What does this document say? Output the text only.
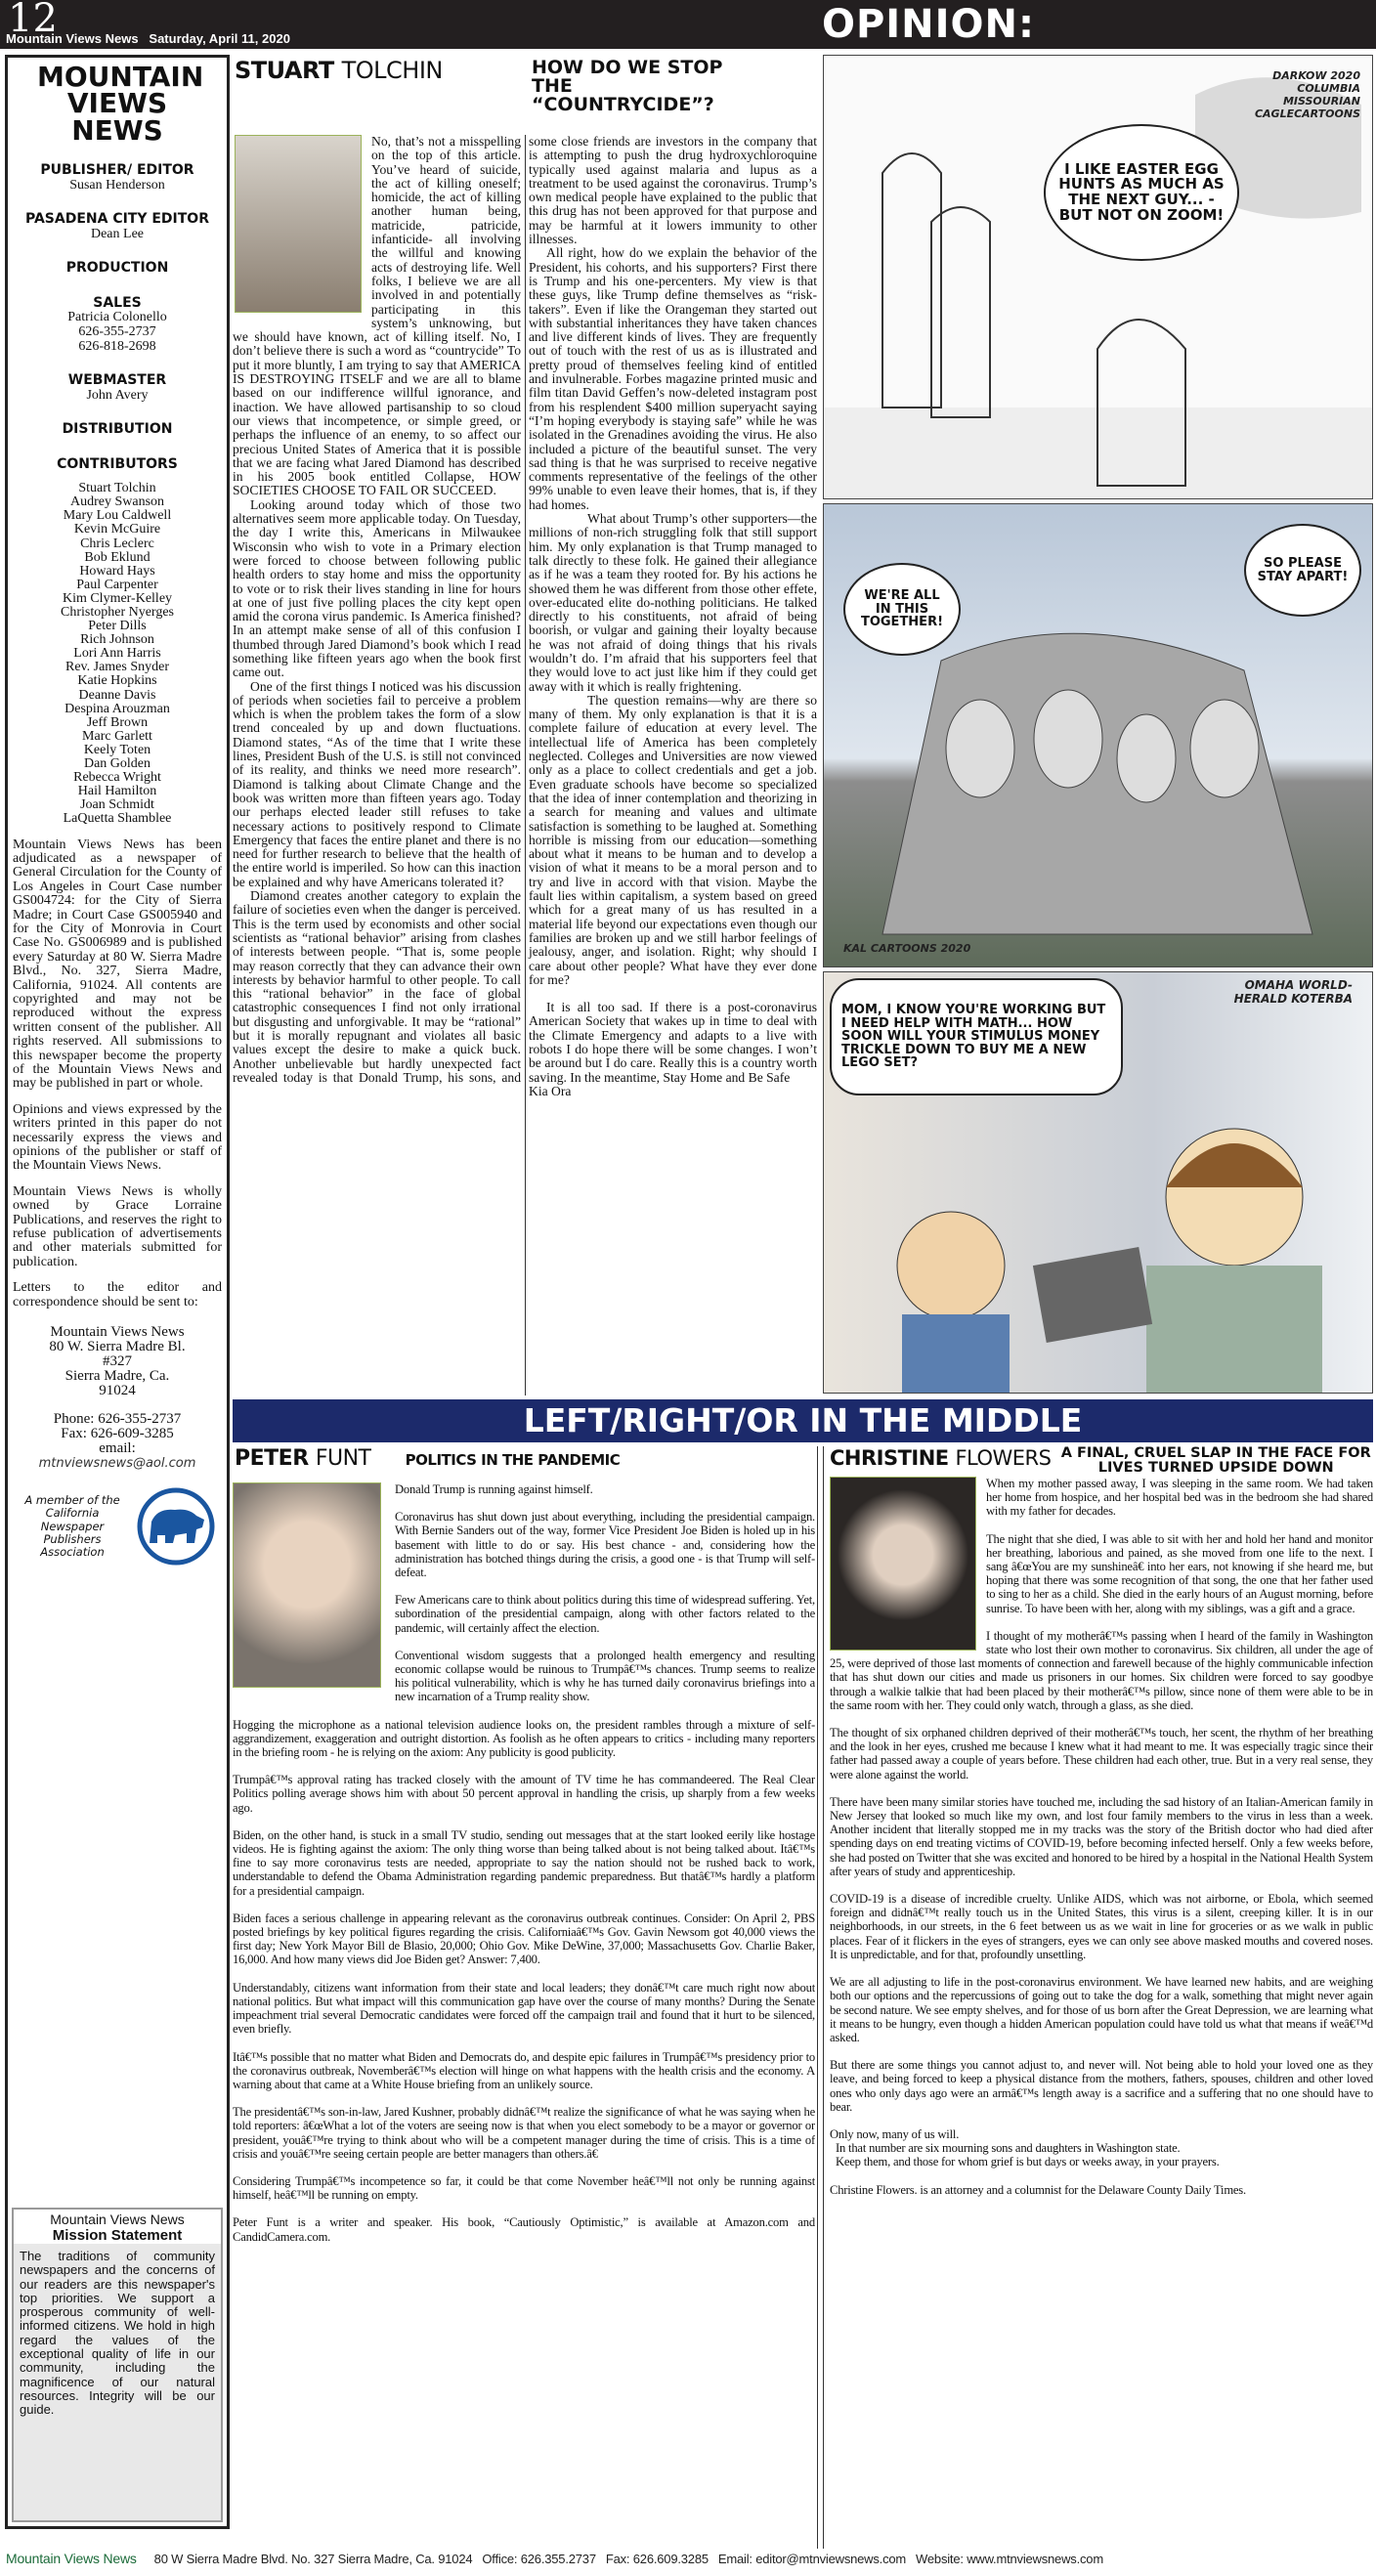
12
Mountain Views News   Saturday, April 11, 2020	OPINION:
MOUNTAIN VIEWS NEWS
PUBLISHER/ EDITOR
Susan Henderson
PASADENA CITY EDITOR
Dean Lee
PRODUCTION
SALES
Patricia Colonello
626-355-2737
626-818-2698
WEBMASTER
John Avery
DISTRIBUTION
CONTRIBUTORS
Stuart Tolchin
Audrey Swanson
Mary Lou Caldwell
Kevin McGuire
Chris Leclerc
Bob Eklund
Howard Hays
Paul Carpenter
Kim Clymer-Kelley
Christopher Nyerges
Peter Dills
Rich Johnson
Lori Ann Harris
Rev. James Snyder
Katie Hopkins
Deanne Davis
Despina Arouzman
Jeff Brown
Marc Garlett
Keely Toten
Dan Golden
Rebecca Wright
Hail Hamilton
Joan Schmidt
LaQuetta Shamblee

Mountain Views News has been adjudicated as a newspaper of General Circulation for the County of Los Angeles in Court Case number GS004724: for the City of Sierra Madre; in Court Case GS005940 and for the City of Monrovia in Court Case No. GS006989 and is published every Saturday at 80 W. Sierra Madre Blvd., No. 327, Sierra Madre, California, 91024. All contents are copyrighted and may not be reproduced without the express written consent of the publisher. All rights reserved. All submissions to this newspaper become the property of the Mountain Views News and may be published in part or whole.

Opinions and views expressed by the writers printed in this paper do not necessarily express the views and opinions of the publisher or staff of the Mountain Views News.

Mountain Views News is wholly owned by Grace Lorraine Publications, and reserves the right to refuse publication of advertisements and other materials submitted for publication.

Letters to the editor and correspondence should be sent to:

Mountain Views News
80 W. Sierra Madre Bl.
#327
Sierra Madre, Ca.
91024
Phone: 626-355-2737
Fax: 626-609-3285
email:
mtnviewsnews@aol.com
A member of the California Newspaper Publishers Association
Mountain Views News
Mission Statement
The traditions of community newspapers and the concerns of our readers are this newspaper's top priorities. We support a prosperous community of well-informed citizens. We hold in high regard the values of the exceptional quality of life in our community, including the magnificence of our natural resources. Integrity will be our guide.
STUART TOLCHIN	HOW DO WE STOP THE “COUNTRYCIDE”?

No, that’s not a misspelling on the top of this article. You’ve heard of suicide, the act of killing oneself; homicide, the act of killing another human being, matricide, patricide, infanticide- all involving the willful and knowing acts of destroying life. Well folks, I believe we are all involved in and potentially participating in this system’s unknowing, but we should have known, act of killing itself. No, I don’t believe there is such a word as “countrycide” To put it more bluntly, I am trying to say that AMERICA IS DESTROYING ITSELF and we are all to blame based on our indifference willful ignorance, and inaction. We have allowed partisanship to so cloud our views that incompetence, or simple greed, or perhaps the influence of an enemy, to so affect our precious United States of America that it is possible that we are facing what Jared Diamond has described in his 2005 book entitled Collapse, HOW SOCIETIES CHOOSE TO FAIL OR SUCCEED.

Looking around today which of those two alternatives seem more applicable today. On Tuesday, the day I write this, Americans in Milwaukee Wisconsin who wish to vote in a Primary election were forced to choose between following public health orders to stay home and miss the opportunity to vote or to risk their lives standing in line for hours at one of just five polling places the city kept open amid the corona virus pandemic. Is America finished? In an attempt make sense of all of this confusion I thumbed through Jared Diamond’s book which I read something like fifteen years ago when the book first came out.

One of the first things I noticed was his discussion of periods when societies fail to perceive a problem which is when the problem takes the form of a slow trend concealed by up and down fluctuations. Diamond states, “As of the time that I write these lines, President Bush of the U.S. is still not convinced of its reality, and thinks we need more research”. Diamond is talking about Climate Change and the book was written more than fifteen years ago. Today our perhaps elected leader still refuses to take necessary actions to positively respond to Climate Emergency that faces the entire planet and there is no need for further research to believe that the health of the entire world is imperiled. So how can this inaction be explained and why have Americans tolerated it?

Diamond creates another category to explain the failure of societies even when the danger is perceived. This is the term used by economists and other social scientists as “rational behavior” arising from clashes of interests between people. “That is, some people may reason correctly that they can advance their own interests by behavior harmful to other people. To call this “rational behavior” in the face of global catastrophic consequences I find not only irrational but disgusting and unforgivable. It may be “rational” but it is morally repugnant and violates all basic values except the desire to make a quick buck. Another unbelievable but hardly unexpected fact revealed today is that Donald Trump, his sons, and some close friends are investors in the company that is attempting to push the drug hydroxychloroquine typically used against malaria and lupus as a treatment to be used against the coronavirus. Trump’s own medical people have explained to the public that this drug has not been approved for that purpose and may be harmful at it lowers immunity to other illnesses.

All right, how do we explain the behavior of the President, his cohorts, and his supporters? First there is Trump and his one-percenters. My view is that these guys, like Trump define themselves as “risk-takers”. Even if like the Orangeman they started out with substantial inheritances they have taken chances and live different kinds of lives. They are frequently out of touch with the rest of us as is illustrated and pretty proud of themselves feeling kind of entitled and invulnerable. Forbes magazine printed music and film titan David Geffen’s now-deleted instagram post from his resplendent $400 million superyacht saying “I’m hoping everybody is staying safe” while he was isolated in the Grenadines avoiding the virus. He also included a picture of the beautiful sunset. The very sad thing is that he was surprised to receive negative comments representative of the feelings of the other 99% unable to even leave their homes, that is, if they had homes.

What about Trump’s other supporters—the millions of non-rich struggling folk that still support him. My only explanation is that Trump managed to talk directly to these folk. He gained their allegiance as if he was a team they rooted for. By his actions he showed them he was different from those other effete, over-educated elite do-nothing politicians. He talked directly to his constituents, not afraid of being boorish, or vulgar and gaining their loyalty because he was not afraid of doing things that his rivals wouldn’t do. I’m afraid that his supporters feel that they would love to act just like him if they could get away with it which is really frightening.

The question remains—why are there so many of them. My only explanation is that it is a complete failure of education at every level. The intellectual life of America has been completely neglected. Colleges and Universities are now viewed only as a place to collect credentials and get a job. Even graduate schools have become so specialized that the idea of inner contemplation and theorizing in a search for meaning and values and ultimate satisfaction is something to be laughed at. Something horrible is missing from our education—something about what it means to be human and to develop a vision of what it means to be a moral person and to try and live in accord with that vision. Maybe the fault lies within capitalism, a system based on greed which for a great many of us has resulted in a material life beyond our expectations even though our families are broken up and we still harbor feelings of jealousy, anger, and isolation. Right; why should I care about other people? What have they ever done for me?

It is all too sad. If there is a post-coronavirus American Society that wakes up in time to deal with the Climate Emergency and adapts to a live with robots I do hope there will be some changes. I won’t be around but I do care. Really this is a country worth saving. In the meantime, Stay Home and Be Safe

Kia Ora

I LIKE EASTER EGG HUNTS AS MUCH AS THE NEXT GUY... -BUT NOT ON ZOOM!
DARKOW 2020 COLUMBIA MISSOURIAN CAGLECARTOONS
WE'RE ALL IN THIS TOGETHER!
SO PLEASE STAY APART!
KAL CARTOONS 2020
MOM, I KNOW YOU'RE WORKING BUT I NEED HELP WITH MATH... HOW SOON WILL YOUR STIMULUS MONEY TRICKLE DOWN TO BUY ME A NEW LEGO SET?
OMAHA WORLD-HERALD KOTERBA
LEFT/RIGHT/OR IN THE MIDDLE
PETER FUNT POLITICS IN THE PANDEMIC

Donald Trump is running against himself.

Coronavirus has shut down just about everything, including the presidential campaign. With Bernie Sanders out of the way, former Vice President Joe Biden is holed up in his basement with little to do or say. His best chance - and, considering how the administration has botched things during the crisis, a good one - is that Trump will self-defeat.

Few Americans care to think about politics during this time of widespread suffering. Yet, subordination of the presidential campaign, along with other factors related to the pandemic, will certainly affect the election.

Conventional wisdom suggests that a prolonged health emergency and resulting economic collapse would be ruinous to Trumpâ€™s chances. Trump seems to realize his political vulnerability, which is why he has turned daily coronavirus briefings into a new incarnation of a Trump reality show.

Hogging the microphone as a national television audience looks on, the president rambles through a mixture of self-aggrandizement, exaggeration and outright distortion. As foolish as he often appears to critics - including many reporters in the briefing room - he is relying on the axiom: Any publicity is good publicity.

Trumpâ€™s approval rating has tracked closely with the amount of TV time he has commandeered. The Real Clear Politics polling average shows him with about 50 percent approval in handling the crisis, up sharply from a few weeks ago.

Biden, on the other hand, is stuck in a small TV studio, sending out messages that at the start looked eerily like hostage videos. He is fighting against the axiom: The only thing worse than being talked about is not being talked about. Itâ€™s fine to say more coronavirus tests are needed, appropriate to say the nation should not be rushed back to work, understandable to defend the Obama Administration regarding pandemic preparedness. But thatâ€™s hardly a platform for a presidential campaign.

Biden faces a serious challenge in appearing relevant as the coronavirus outbreak continues. Consider: On April 2, PBS posted briefings by key political figures regarding the crisis. Californiaâ€™s Gov. Gavin Newsom got 40,000 views the first day; New York Mayor Bill de Blasio, 20,000; Ohio Gov. Mike DeWine, 37,000; Massachusetts Gov. Charlie Baker, 16,000. And how many views did Joe Biden get? Answer: 7,400.

Understandably, citizens want information from their state and local leaders; they donâ€™t care much right now about national politics. But what impact will this communication gap have over the course of many months? During the Senate impeachment trial several Democratic candidates were forced off the campaign trail and found that it hurt to be silenced, even briefly.

Itâ€™s possible that no matter what Biden and Democrats do, and despite epic failures in Trumpâ€™s presidency prior to the coronavirus outbreak, Novemberâ€™s election will hinge on what happens with the health crisis and the economy. A warning about that came at a White House briefing from an unlikely source.

The presidentâ€™s son-in-law, Jared Kushner, probably didnâ€™t realize the significance of what he was saying when he told reporters: â€œWhat a lot of the voters are seeing now is that when you elect somebody to be a mayor or governor or president, youâ€™re trying to think about who will be a competent manager during the time of crisis. This is a time of crisis and youâ€™re seeing certain people are better managers than others.â€

Considering Trumpâ€™s incompetence so far, it could be that come November heâ€™ll not only be running against himself, heâ€™ll be running on empty.

Peter Funt is a writer and speaker. His book, “Cautiously Optimistic,” is available at Amazon.com and CandidCamera.com.

CHRISTINE FLOWERS A FINAL, CRUEL SLAP IN THE FACE FOR LIVES TURNED UPSIDE DOWN

When my mother passed away, I was sleeping in the same room. We had taken her home from hospice, and her hospital bed was in the bedroom she had shared with my father for decades.

The night that she died, I was able to sit with her and hold her hand and monitor her breathing, laborious and pained, as she moved from one life to the next. I sang â€œYou are my sunshineâ€ into her ears, not knowing if she heard me, but hoping that there was some recognition of that song, the one that her father used to sing to her as a child. She died in the early hours of an August morning, before sunrise. To have been with her, along with my siblings, was a gift and a grace.

I thought of my motherâ€™s passing when I heard of the family in Washington state who lost their own mother to coronavirus. Six children, all under the age of 25, were deprived of those last moments of connection and farewell because of the highly communicable infection that has shut down our cities and made us prisoners in our homes. Six children were forced to say goodbye through a walkie talkie that had been placed by their motherâ€™s pillow, since none of them were able to be in the same room with her. They could only watch, through a glass, as she died.

The thought of six orphaned children deprived of their motherâ€™s touch, her scent, the rhythm of her breathing and the look in her eyes, crushed me because I knew what it had meant to me. It was especially tragic since their father had passed away a couple of years before. These children had each other, true. But in a very real sense, they were alone against the world.

There have been many similar stories have touched me, including the sad history of an Italian-American family in New Jersey that looked so much like my own, and lost four family members to the virus in less than a week. Another incident that literally stopped me in my tracks was the story of the British doctor who had died after spending days on end treating victims of COVID-19, before becoming infected herself. Only a few weeks before, she had posted on Twitter that she was excited and honored to be hired by a hospital in the National Health System after years of study and apprenticeship.

COVID-19 is a disease of incredible cruelty. Unlike AIDS, which was not airborne, or Ebola, which seemed foreign and didnâ€™t really touch us in the United States, this virus is a silent, creeping killer. It is in our neighborhoods, in our streets, in the 6 feet between us as we wait in line for groceries or as we walk in public places. Fear of it flickers in the eyes of strangers, eyes we can only see above masked mouths and covered noses. It is unpredictable, and for that, profoundly unsettling.

We are all adjusting to life in the post-coronavirus environment. We have learned new habits, and are weighing both our options and the repercussions of going out to take the dog for a walk, something that might never again be second nature. We see empty shelves, and for those of us born after the Great Depression, we are learning what it means to be hungry, even though a hidden American population could have told us what that means if weâ€™d asked.

But there are some things you cannot adjust to, and never will. Not being able to hold your loved one as they leave, and being forced to keep a physical distance from the mothers, fathers, spouses, children and other loved ones who only days ago were an armâ€™s length away is a sacrifice and a suffering that no one should have to bear.

Only now, many of us will.

In that number are six mourning sons and daughters in Washington state.

Keep them, and those for whom grief is but days or weeks away, in your prayers.

Christine Flowers. is an attorney and a columnist for the Delaware County Daily Times.

Mountain Views News 80 W Sierra Madre Blvd. No. 327 Sierra Madre, Ca. 91024 Office: 626.355.2737 Fax: 626.609.3285 Email: editor@mtnviewsnews.com Website: www.mtnviewsnews.com
